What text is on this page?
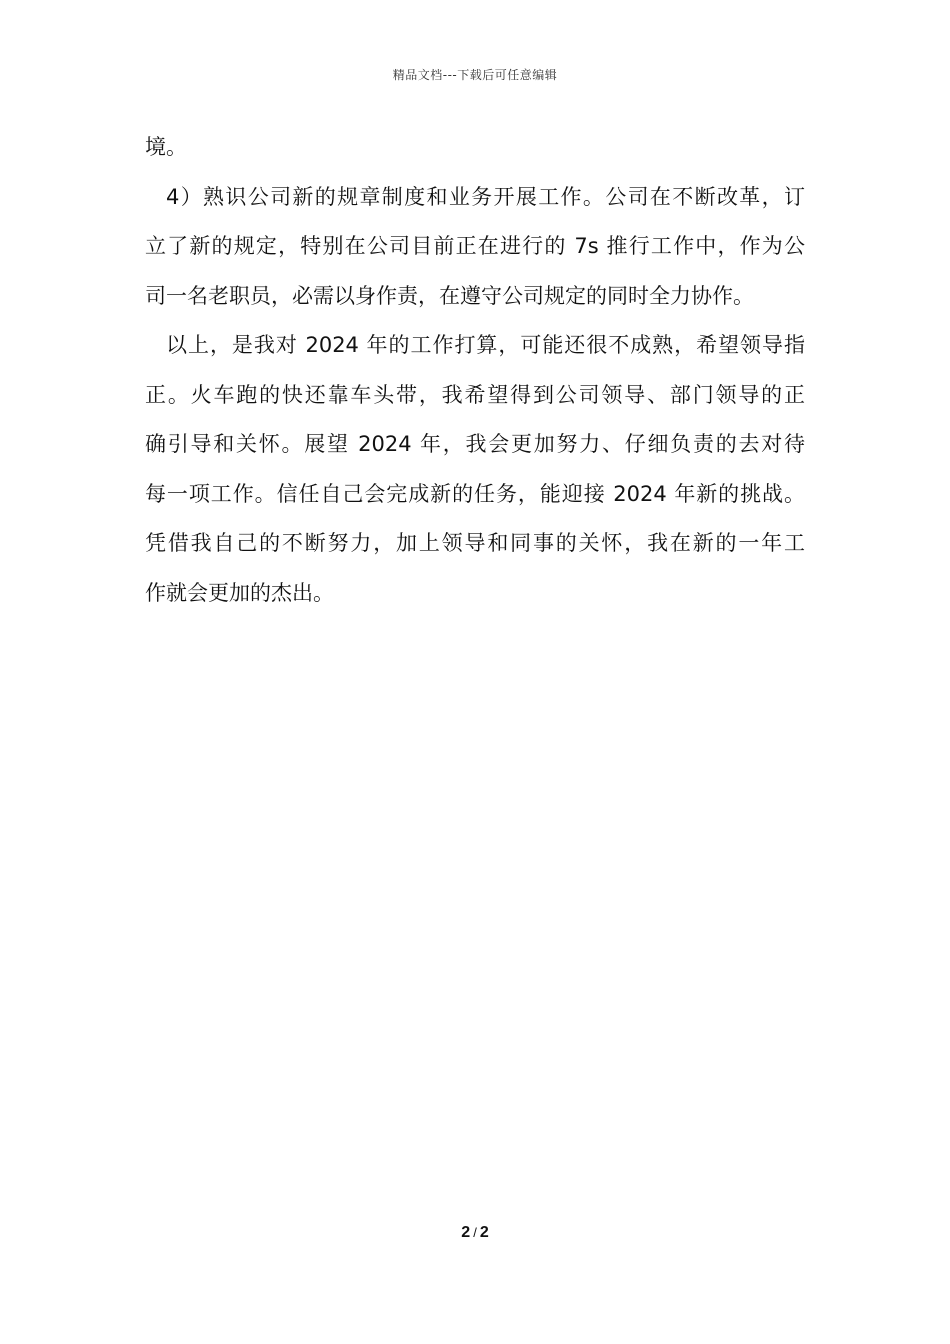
精品文档---下载后可任意编辑
境。
4）熟识公司新的规章制度和业务开展工作。公司在不断改革，订
立了新的规定，特别在公司目前正在进行的 7s 推行工作中，作为公
司一名老职员，必需以身作责，在遵守公司规定的同时全力协作。
以上，是我对 2024 年的工作打算，可能还很不成熟，希望领导指
正。火车跑的快还靠车头带，我希望得到公司领导、部门领导的正
确引导和关怀。展望 2024 年，我会更加努力、仔细负责的去对待
每一项工作。信任自己会完成新的任务，能迎接 2024 年新的挑战。
凭借我自己的不断努力，加上领导和同事的关怀，我在新的一年工
作就会更加的杰出。
2 / 2
